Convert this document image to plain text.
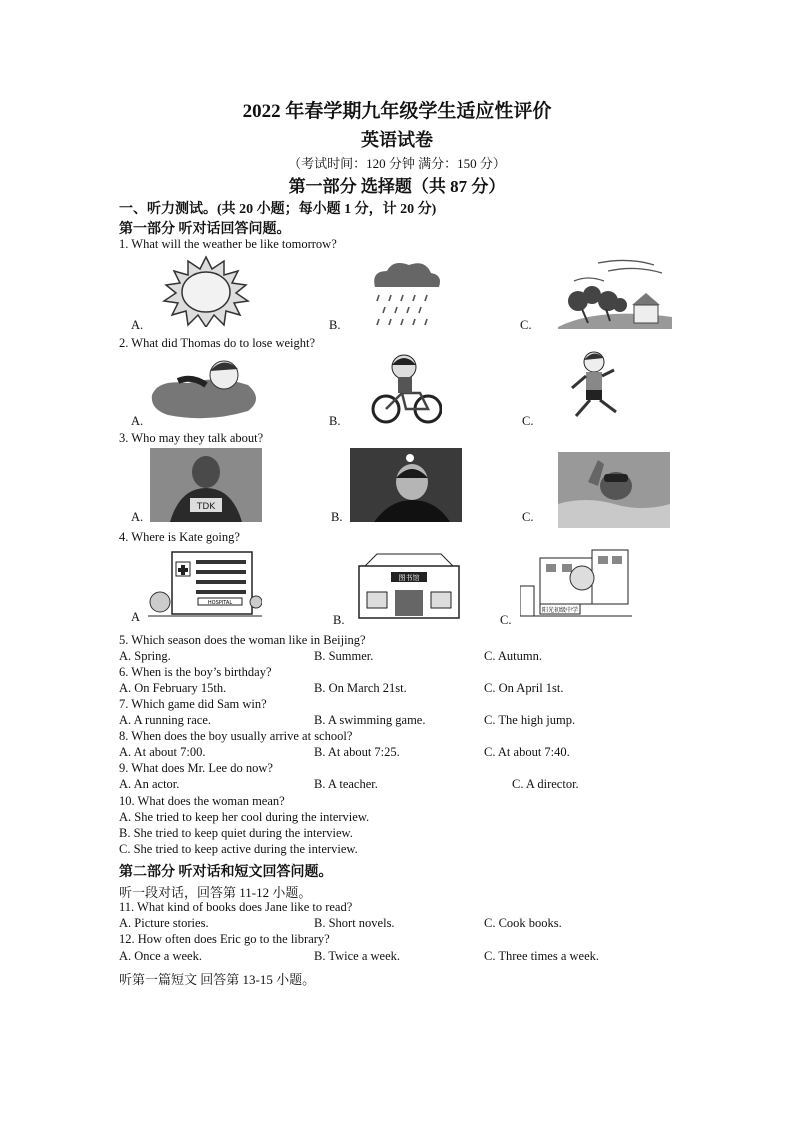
2022 年春学期九年级学生适应性评价
英语试卷
（考试时间：120 分钟 满分：150 分）
第一部分 选择题（共 87 分）
一、听力测试。(共 20 小题；每小题 1 分，计 20 分)
第一部分 听对话回答问题。
1. What will the weather be like tomorrow?
A.	B.	C.
2. What did Thomas do to lose weight?
A.	B.	C.
3. Who may they talk about?
TDK
A.	B.	C.
4. Where is Kate going?
HOSPITAL
图书馆
阳光初级中学
A	B.	C.
5. Which season does the woman like in Beijing?
A. Spring.	B. Summer.	C. Autumn.
6. When is the boy’s birthday?
A. On February 15th.	B. On March 21st.	C. On April 1st.
7. Which game did Sam win?
A. A running race.	B. A swimming game.	C. The high jump.
8. When does the boy usually arrive at school?
A. At about 7:00.	B. At about 7:25.	C. At about 7:40.
9. What does Mr. Lee do now?
A. An actor.	B. A teacher.	C. A director.
10. What does the woman mean?
A. She tried to keep her cool during the interview.
B. She tried to keep quiet during the interview.
C. She tried to keep active during the interview.
第二部分 听对话和短文回答问题。
听一段对话，回答第 11-12 小题。
11. What kind of books does Jane like to read?
A. Picture stories.	B. Short novels.	C. Cook books.
12. How often does Eric go to the library?
A. Once a week.	B. Twice a week.	C. Three times a week.
听第一篇短文 回答第 13-15 小题。
